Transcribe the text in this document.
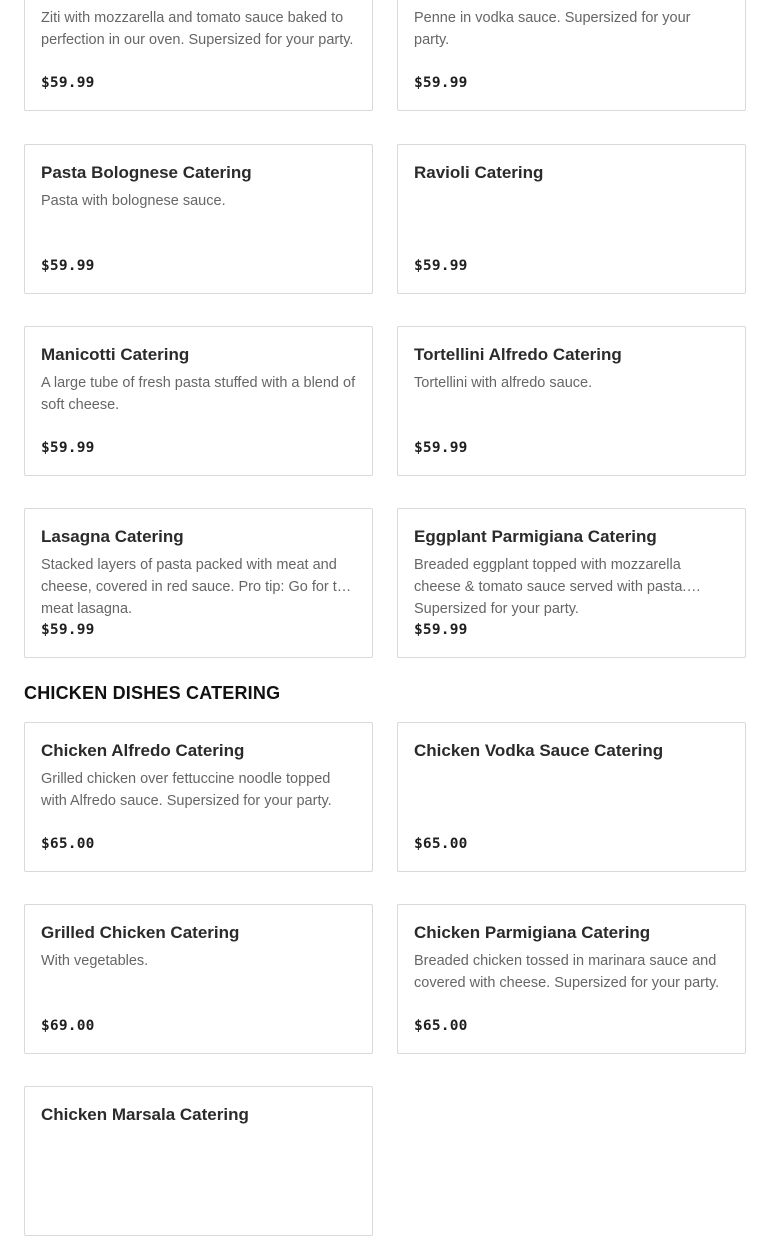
Ziti with mozzarella and tomato sauce baked to perfection in our oven. Supersized for your party.
$59.99
Penne in vodka sauce. Supersized for your party.
$59.99
Pasta Bolognese Catering
Pasta with bolognese sauce.
$59.99
Ravioli Catering
$59.99
Manicotti Catering
A large tube of fresh pasta stuffed with a blend of soft cheese.
$59.99
Tortellini Alfredo Catering
Tortellini with alfredo sauce.
$59.99
Lasagna Catering
Stacked layers of pasta packed with meat and cheese, covered in red sauce. Pro tip: Go for the meat lasagna.
$59.99
Eggplant Parmigiana Catering
Breaded eggplant topped with mozzarella cheese & tomato sauce served with pasta. Supersized for your party.
$59.99
CHICKEN DISHES CATERING
Chicken Alfredo Catering
Grilled chicken over fettuccine noodle topped with Alfredo sauce. Supersized for your party.
$65.00
Chicken Vodka Sauce Catering
$65.00
Grilled Chicken Catering
With vegetables.
$69.00
Chicken Parmigiana Catering
Breaded chicken tossed in marinara sauce and covered with cheese. Supersized for your party.
$65.00
Chicken Marsala Catering
